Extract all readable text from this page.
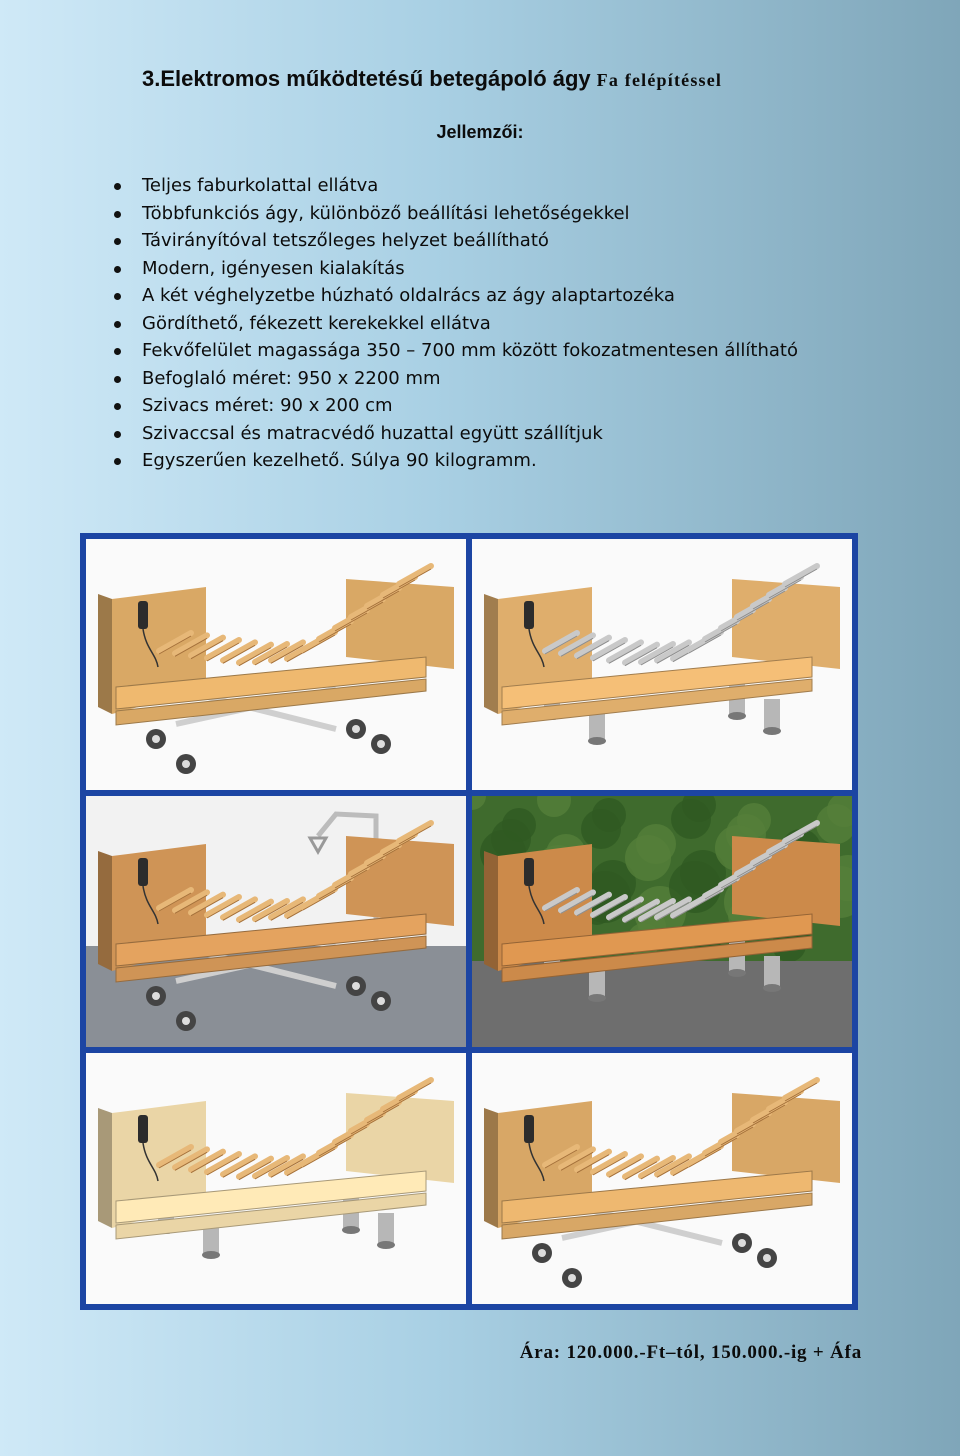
3.Elektromos működtetésű betegápoló ágy Fa felépítéssel
Jellemzői:
Teljes faburkolattal ellátva
Többfunkciós ágy, különböző beállítási lehetőségekkel
Távirányítóval tetszőleges helyzet beállítható
Modern, igényesen kialakítás
A két véghelyzetbe húzható oldalrács az ágy alaptartozéka
Gördíthető, fékezett kerekekkel ellátva
Fekvőfelület magassága 350 – 700 mm között fokozatmentesen állítható
Befoglaló méret: 950 x 2200 mm
Szivacs méret: 90 x 200 cm
Szivaccsal és matracvédő huzattal együtt szállítjuk
Egyszerűen kezelhető. Súlya 90 kilogramm.
Ára: 120.000.-Ft–tól, 150.000.-ig + Áfa
